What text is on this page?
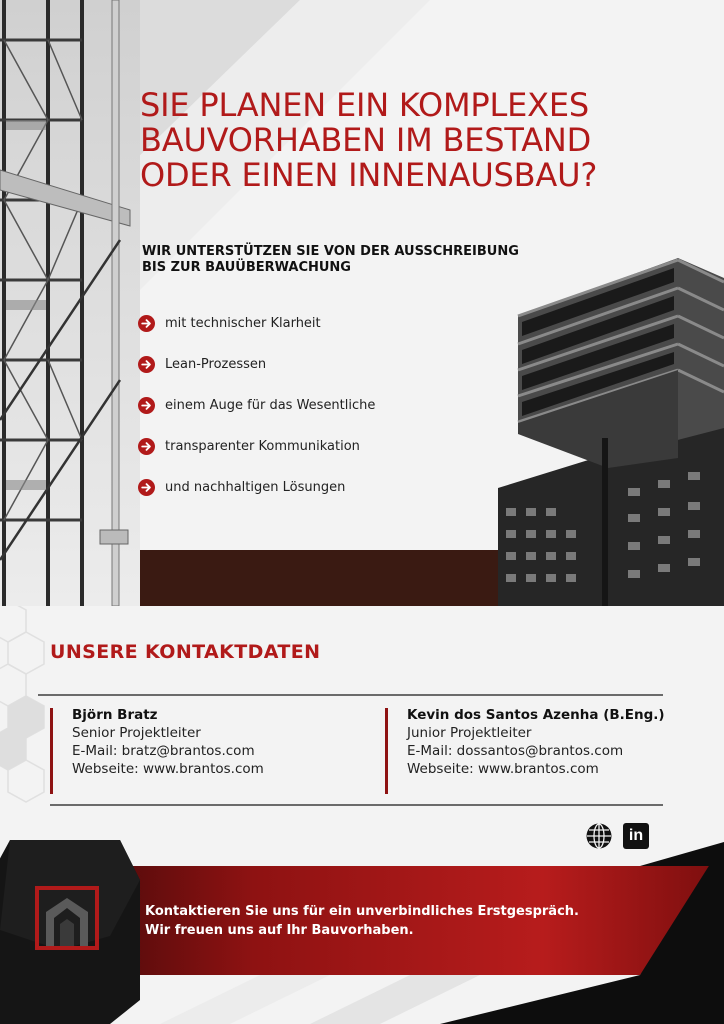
SIE PLANEN EIN KOMPLEXES
BAUVORHABEN IM BESTAND
ODER EINEN INNENAUSBAU?
WIR UNTERSTÜTZEN SIE VON DER AUSSCHREIBUNG
BIS ZUR BAUÜBERWACHUNG
mit technischer Klarheit
Lean-Prozessen
einem Auge für das Wesentliche
transparenter Kommunikation
und nachhaltigen Lösungen
UNSERE KONTAKTDATEN
Björn Bratz
Senior Projektleiter
E-Mail: bratz@brantos.com
Webseite: www.brantos.com
Kevin dos Santos Azenha (B.Eng.)
Junior Projektleiter
E-Mail: dossantos@brantos.com
Webseite: www.brantos.com
in

Kontaktieren Sie uns für ein unverbindliches Erstgespräch.
Wir freuen uns auf Ihr Bauvorhaben.
